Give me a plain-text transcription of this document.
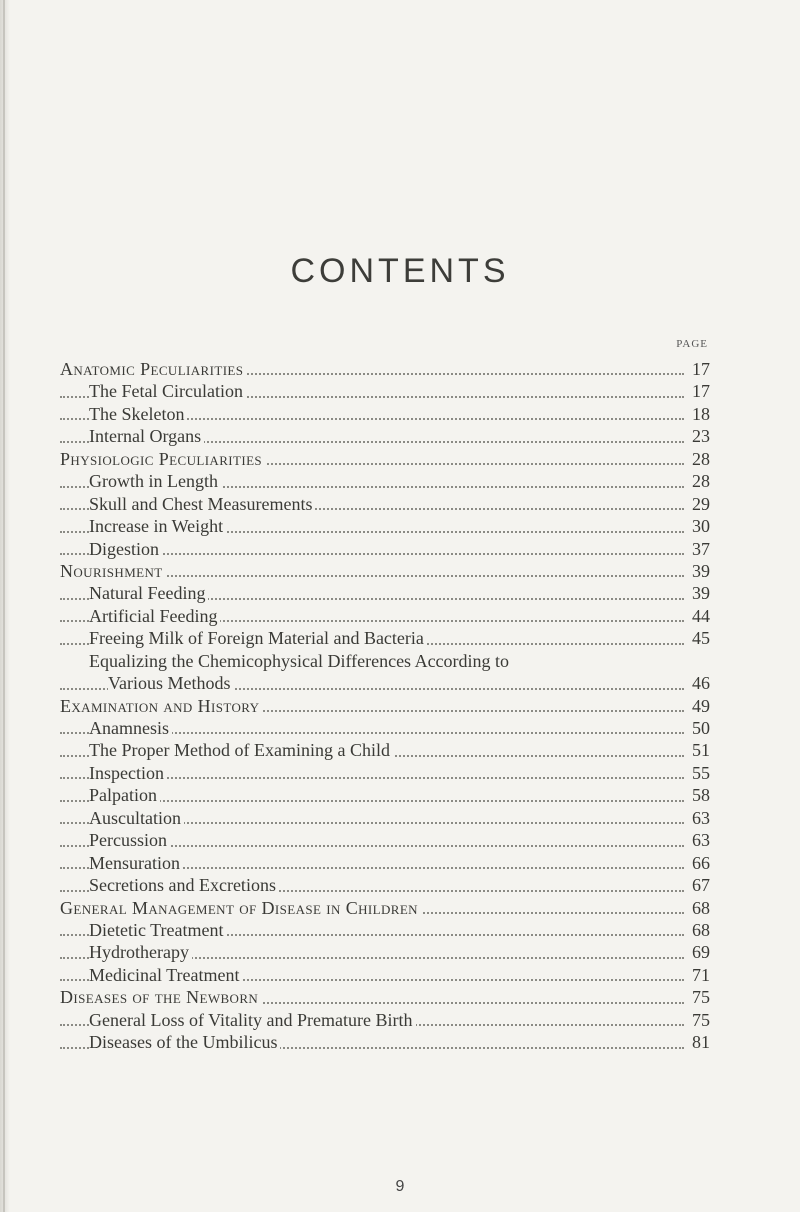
CONTENTS
PAGE
Anatomic Peculiarities	17
The Fetal Circulation	17
The Skeleton	18
Internal Organs	23
Physiologic Peculiarities	28
Growth in Length	28
Skull and Chest Measurements	29
Increase in Weight	30
Digestion	37
Nourishment	39
Natural Feeding	39
Artificial Feeding	44
Freeing Milk of Foreign Material and Bacteria	45
Equalizing the Chemicophysical Differences According to
Various Methods	46
Examination and History	49
Anamnesis	50
The Proper Method of Examining a Child	51
Inspection	55
Palpation	58
Auscultation	63
Percussion	63
Mensuration	66
Secretions and Excretions	67
General Management of Disease in Children	68
Dietetic Treatment	68
Hydrotherapy	69
Medicinal Treatment	71
Diseases of the Newborn	75
General Loss of Vitality and Premature Birth	75
Diseases of the Umbilicus	81
9
